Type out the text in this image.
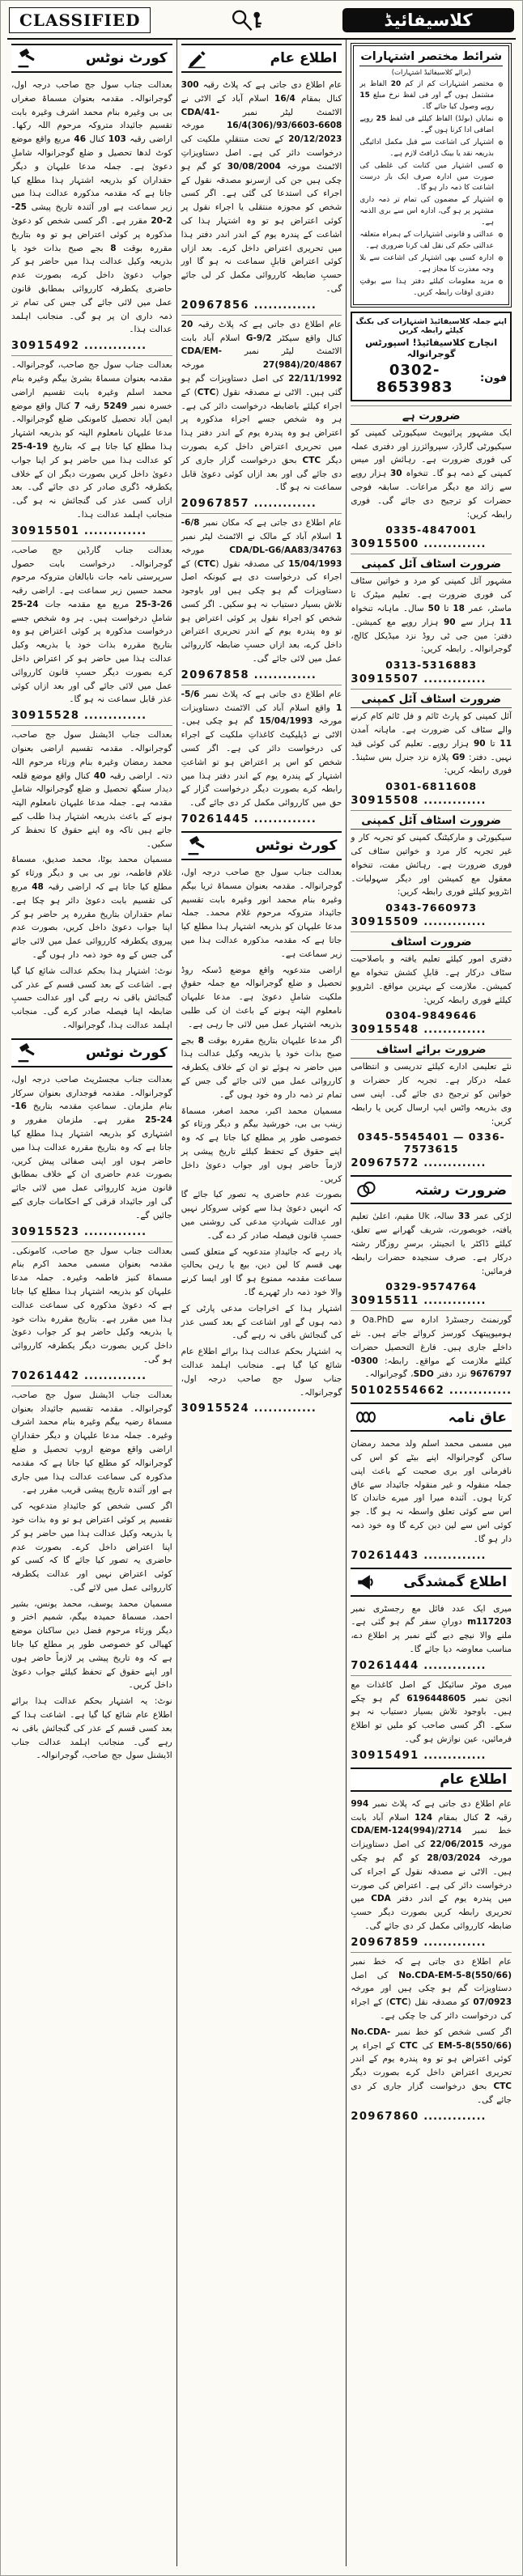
CLASSIFIED	کلاسیفائیڈ
کورٹ نوٹس

بعدالت جناب سول جج صاحب درجہ اول، گوجرانوالہ۔ مقدمہ بعنوان مسماۃ صغراں بی بی وغیرہ بنام محمد اشرف وغیرہ بابت تقسیم جائیداد متروکہ مرحوم اللہ رکھا۔ اراضی رقبہ 103 کنال 46 مربع واقع موضع کوٹ لدھا تحصیل و ضلع گوجرانوالہ شاملِ دعویٰ ہے۔ جملہ مدعا علیہان و دیگر حقداران کو بذریعہ اشتہار ہذا مطلع کیا جاتا ہے کہ مقدمہ مذکورہ عدالت ہذا میں زیر سماعت ہے اور آئندہ تاریخ پیشی 25-2-20 مقرر ہے۔ اگر کسی شخص کو دعویٰ مذکورہ پر کوئی اعتراض ہو تو وہ بتاریخ مقررہ بوقت 8 بجے صبح بذات خود یا بذریعہ وکیل عدالت ہذا میں حاضر ہو کر جواب دعویٰ داخل کرے، بصورت عدم حاضری یکطرفہ کارروائی بمطابق قانون عمل میں لائی جائے گی جس کی تمام تر ذمہ داری ان پر ہو گی۔ منجانب اہلمد عدالت ہذا۔

30915492 .....

بعدالت جناب سول جج صاحب، گوجرانوالہ۔ مقدمہ بعنوان مسماۃ بشریٰ بیگم وغیرہ بنام محمد اسلم وغیرہ بابت تقسیم اراضی خسرہ نمبر 5249 رقبہ 7 کنال واقع موضع ایمن آباد تحصیل کامونکی ضلع گوجرانوالہ۔ مدعا علیہان نامعلوم الپتہ کو بذریعہ اشتہار ہذا مطلع کیا جاتا ہے کہ بتاریخ 19-4-25 کو عدالت ہذا میں حاضر ہو کر اپنا جواب دعویٰ داخل کریں بصورت دیگر ان کے خلاف یکطرفہ ڈگری صادر کر دی جائے گی۔ بعد ازاں کسی عذر کی گنجائش نہ ہو گی۔ منجانب اہلمد عدالت ہذا۔

30915501 .....

بعدالت جناب گارڈین جج صاحب، گوجرانوالہ۔ درخواست بابت حصول سرپرستی نامہ جات نابالغان متروکہ مرحوم محمد حسین زیر سماعت ہے۔ اراضی رقبہ 26-3-25 مربع مع مقدمہ جات 24-25 شاملِ درخواست ہیں۔ ہر وہ شخص جسے درخواست مذکورہ پر کوئی اعتراض ہو وہ بتاریخ مقررہ بذات خود یا بذریعہ وکیل عدالت ہذا میں حاضر ہو کر اعتراض داخل کرے بصورت دیگر حسبِ قانون کارروائی عمل میں لائی جائے گی اور بعد ازاں کوئی عذر قابل سماعت نہ ہو گا۔

30915528 .....

بعدالت جناب اڈیشنل سول جج صاحب، گوجرانوالہ۔ مقدمہ تقسیم اراضی بعنوان محمد رمضان وغیرہ بنام ورثاء مرحوم اللہ دتہ۔ اراضی رقبہ 40 کنال واقع موضع قلعہ دیدار سنگھ تحصیل و ضلع گوجرانوالہ شاملِ مقدمہ ہے۔ جملہ مدعا علیہان نامعلوم الپتہ ہونے کے باعث بذریعہ اشتہار ہذا طلب کیے جاتے ہیں تاکہ وہ اپنے حقوق کا تحفظ کر سکیں۔

مسمیان محمد بوٹا، محمد صدیق، مسماۃ غلام فاطمہ، نور بی بی و دیگر ورثاء کو مطلع کیا جاتا ہے کہ اراضی رقبہ 48 مربع کی تقسیم بابت دعویٰ دائر ہو چکا ہے۔ تمام حقداران بتاریخ مقررہ پر حاضر ہو کر اپنا جواب دعویٰ داخل کریں، بصورت عدم پیروی یکطرفہ کارروائی عمل میں لائی جائے گی جس کے وہ خود ذمہ دار ہوں گے۔

نوٹ: اشتہار ہذا بحکم عدالت شائع کیا گیا ہے۔ اشاعت کے بعد کسی قسم کے عذر کی گنجائش باقی نہ رہے گی اور عدالت حسبِ ضابطہ اپنا فیصلہ صادر کرے گی۔ منجانب اہلمد عدالت ہذا، گوجرانوالہ۔

کورٹ نوٹس

بعدالت جناب مجسٹریٹ صاحب درجہ اول، گوجرانوالہ۔ مقدمہ فوجداری بعنوان سرکار بنام ملزمان۔ سماعتِ مقدمہ بتاریخ 16-24-25 مقرر ہے۔ ملزمان مفرور و اشتہاری کو بذریعہ اشتہار ہذا مطلع کیا جاتا ہے کہ وہ بتاریخ مقررہ عدالت ہذا میں حاضر ہوں اور اپنی صفائی پیش کریں، بصورت عدم حاضری ان کے خلاف بمطابق قانون مزید کارروائی عمل میں لائی جائے گی اور جائیداد قرقی کے احکامات جاری کیے جائیں گے۔

30915523 .....

بعدالت جناب سول جج صاحب، کامونکی۔ مقدمہ بعنوان مسمی محمد اکرم بنام مسماۃ کنیز فاطمہ وغیرہ۔ جملہ مدعا علیہان کو بذریعہ اشتہار ہذا مطلع کیا جاتا ہے کہ دعویٰ مذکورہ کی سماعت عدالت ہذا میں مقرر ہے۔ بتاریخ مقررہ بذات خود یا بذریعہ وکیل حاضر ہو کر جواب دعویٰ داخل کریں بصورت دیگر یکطرفہ کارروائی ہو گی۔

70261442 .....

بعدالت جناب اڈیشنل سول جج صاحب، گوجرانوالہ۔ مقدمہ تقسیم جائیداد بعنوان مسماۃ رضیہ بیگم وغیرہ بنام محمد اشرف وغیرہ۔ جملہ مدعا علیہان و دیگر حقدارانِ اراضی واقع موضع اروپ تحصیل و ضلع گوجرانوالہ کو مطلع کیا جاتا ہے کہ مقدمہ مذکورہ کی سماعت عدالت ہذا میں جاری ہے اور آئندہ تاریخ پیشی قریب مقرر ہے۔

اگر کسی شخص کو جائیدادِ متدعویہ کی تقسیم پر کوئی اعتراض ہو تو وہ بذات خود یا بذریعہ وکیل عدالت ہذا میں حاضر ہو کر اپنا اعتراض داخل کرے۔ بصورت عدم حاضری یہ تصور کیا جائے گا کہ کسی کو کوئی اعتراض نہیں اور عدالت یکطرفہ کارروائی عمل میں لائے گی۔

مسمیان محمد یوسف، محمد یونس، بشیر احمد، مسماۃ حمیدہ بیگم، شمیم اختر و دیگر ورثاء مرحوم فضل دین ساکنان موضع کھیالی کو خصوصی طور پر مطلع کیا جاتا ہے کہ وہ تاریخ پیشی پر لازماً حاضر ہوں اور اپنے حقوق کے تحفظ کیلئے جواب دعویٰ داخل کریں۔

نوٹ: یہ اشتہار بحکم عدالت ہذا برائے اطلاع عام شائع کیا گیا ہے۔ اشاعت ہذا کے بعد کسی قسم کے عذر کی گنجائش باقی نہ رہے گی۔ منجانب اہلمد عدالت جناب اڈیشنل سول جج صاحب، گوجرانوالہ۔

اطلاع عام

عام اطلاع دی جاتی ہے کہ پلاٹ رقبہ 300 کنال بمقام 16/4 اسلام آباد کے الاٹی نے الاٹمنٹ لیٹر نمبر CDA/41-16/4(306)/93/6603-6608 مورخہ 20/12/2023 کے تحت منتقلیِ ملکیت کی درخواست دائر کی ہے۔ اصل دستاویزاتِ الاٹمنٹ مورخہ 30/08/2004 کو گم ہو چکی ہیں جن کی ازسرنو مصدقہ نقول کے اجراء کی استدعا کی گئی ہے۔ اگر کسی شخص کو مجوزہ منتقلی یا اجراء نقول پر کوئی اعتراض ہو تو وہ اشتہار ہذا کی اشاعت کے پندرہ یوم کے اندر اندر دفتر ہذا میں تحریری اعتراض داخل کرے۔ بعد ازاں کوئی اعتراض قابلِ سماعت نہ ہو گا اور حسبِ ضابطہ کارروائی مکمل کر لی جائے گی۔

20967856 .....

عام اطلاع دی جاتی ہے کہ پلاٹ رقبہ 20 کنال واقع سیکٹر G-9/2 اسلام آباد بابت الاٹمنٹ لیٹر نمبر CDA/EM-27(984)/20/4867 مورخہ 22/11/1992 کی اصل دستاویزات گم ہو گئی ہیں۔ الاٹی نے مصدقہ نقول (CTC) کے اجراء کیلئے باضابطہ درخواست دائر کی ہے۔ ہر وہ شخص جسے اجراء مذکورہ پر اعتراض ہو وہ پندرہ یوم کے اندر دفتر ہذا میں تحریری اعتراض داخل کرے بصورت دیگر CTC بحق درخواست گزار جاری کر دی جائے گی اور بعد ازاں کوئی دعویٰ قابل سماعت نہ ہو گا۔

20967857 .....

عام اطلاع دی جاتی ہے کہ مکان نمبر 6/8-1 اسلام آباد کے مالک نے الاٹمنٹ لیٹر نمبر CDA/DL-G6/AA83/34763 مورخہ 15/04/1993 کی مصدقہ نقول (CTC) کے اجراء کی درخواست دی ہے کیونکہ اصل دستاویزات گم ہو چکی ہیں اور باوجود تلاش بسیار دستیاب نہ ہو سکیں۔ اگر کسی شخص کو اجراء نقول پر کوئی اعتراض ہو تو وہ پندرہ یوم کے اندر تحریری اعتراض داخل کرے، بعد ازاں حسبِ ضابطہ کارروائی عمل میں لائی جائے گی۔

20967858 .....

عام اطلاع دی جاتی ہے کہ پلاٹ نمبر 5/6-1 واقع اسلام آباد کی الاٹمنٹ دستاویزات مورخہ 15/04/1993 گم ہو چکی ہیں۔ الاٹی نے ڈپلیکیٹ کاغذاتِ ملکیت کے اجراء کی درخواست دائر کی ہے۔ اگر کسی شخص کو اس پر اعتراض ہو تو اشاعتِ اشتہار کے پندرہ یوم کے اندر دفتر ہذا میں رابطہ کرے بصورت دیگر درخواست گزار کے حق میں کارروائی مکمل کر دی جائے گی۔

70261445 .....
کورٹ نوٹس

بعدالت جناب سول جج صاحب درجہ اول، گوجرانوالہ۔ مقدمہ بعنوان مسماۃ ثریا بیگم وغیرہ بنام محمد انور وغیرہ بابت تقسیم جائیداد متروکہ مرحوم غلام محمد۔ جملہ مدعا علیہان کو بذریعہ اشتہار ہذا مطلع کیا جاتا ہے کہ مقدمہ مذکورہ عدالت ہذا میں زیر سماعت ہے۔

اراضی متدعویہ واقع موضع ڈسکہ روڈ تحصیل و ضلع گوجرانوالہ مع جملہ حقوقِ ملکیت شاملِ دعویٰ ہے۔ مدعا علیہان نامعلوم الپتہ ہونے کے باعث ان کی طلبی بذریعہ اشتہار عمل میں لائی جا رہی ہے۔

اگر مدعا علیہان بتاریخ مقررہ بوقت 8 بجے صبح بذات خود یا بذریعہ وکیل عدالت ہذا میں حاضر نہ ہوئے تو ان کے خلاف یکطرفہ کارروائی عمل میں لائی جائے گی جس کے تمام تر ذمہ دار وہ خود ہوں گے۔

مسمیان محمد اکبر، محمد اصغر، مسماۃ زینب بی بی، خورشید بیگم و دیگر ورثاء کو خصوصی طور پر مطلع کیا جاتا ہے کہ وہ اپنے حقوق کے تحفظ کیلئے تاریخ پیشی پر لازماً حاضر ہوں اور جواب دعویٰ داخل کریں۔

بصورت عدم حاضری یہ تصور کیا جائے گا کہ انہیں دعویٰ ہذا سے کوئی سروکار نہیں اور عدالت شہادتِ مدعی کی روشنی میں حسبِ قانون فیصلہ صادر کر دے گی۔

یاد رہے کہ جائیدادِ متدعویہ کے متعلق کسی بھی قسم کا لین دین، بیع یا رہن بحالتِ سماعت مقدمہ ممنوع ہو گا اور ایسا کرنے والا خود ذمہ دار ٹھہرے گا۔

اشتہار ہذا کے اخراجات مدعی پارٹی کے ذمہ ہوں گے اور اشاعت کے بعد کسی عذر کی گنجائش باقی نہ رہے گی۔

یہ اشتہار بحکم عدالت ہذا برائے اطلاع عام شائع کیا گیا ہے۔ منجانب اہلمد عدالت جناب سول جج صاحب درجہ اول، گوجرانوالہ۔

30915524 .....
شرائط مختصر اشتہارات
(برائے کلاسیفائیڈ اشتہارات)
۞ مختصر اشتہارات کم از کم 20 الفاظ پر مشتمل ہوں گے اور فی لفظ نرخ مبلغ 15 روپے وصول کیا جائے گا۔
۞ نمایاں (بولڈ) الفاظ کیلئے فی لفظ 25 روپے اضافی ادا کرنا ہوں گے۔
۞ اشتہار کی اشاعت سے قبل مکمل ادائیگی بذریعہ نقد یا بینک ڈرافٹ لازم ہے۔
۞ کسی اشتہار میں کتابت کی غلطی کی صورت میں ادارہ صرف ایک بار درست اشاعت کا ذمہ دار ہو گا۔
۞ اشتہار کے مضمون کی تمام تر ذمہ داری مشتہر پر ہو گی، ادارہ اس سے بری الذمہ ہے۔
۞ عدالتی و قانونی اشتہارات کے ہمراہ متعلقہ عدالتی حکم کی نقل لف کرنا ضروری ہے۔
۞ ادارہ کسی بھی اشتہار کی اشاعت سے بلا وجہ معذرت کا مجاز ہے۔
۞ مزید معلومات کیلئے دفتر ہذا سے بوقتِ دفتری اوقات رابطہ کریں۔
اپنے جملہ کلاسیفائیڈ اشتہارات کی بکنگ کیلئے رابطہ کریں
انچارج کلاسیفائیڈ! اسپورٹس گوجرانوالہ
فون:
0302-8653983
ضرورت ہے

ایک مشہور پرائیویٹ سیکیورٹی کمپنی کو سیکیورٹی گارڈز، سپروائزرز اور دفتری عملہ کی فوری ضرورت ہے۔ رہائش اور میس کمپنی کے ذمہ ہو گا۔ تنخواہ 30 ہزار روپے سے زائد مع دیگر مراعات۔ سابقہ فوجی حضرات کو ترجیح دی جائے گی۔ فوری رابطہ کریں:

0335-4847001
30915500 .....
ضرورت اسٹاف آئل کمپنی

مشہور آئل کمپنی کو مرد و خواتین سٹاف کی فوری ضرورت ہے۔ تعلیم میٹرک تا ماسٹر، عمر 18 تا 50 سال۔ ماہانہ تنخواہ 11 ہزار سے 90 ہزار روپے مع کمیشن۔ دفتر: مین جی ٹی روڈ نزد میڈیکل کالج، گوجرانوالہ۔ رابطہ کریں:

0313-5316883
30915507 .....
ضرورت اسٹاف آئل کمپنی

آئل کمپنی کو پارٹ ٹائم و فل ٹائم کام کرنے والے سٹاف کی ضرورت ہے۔ ماہانہ آمدن 11 تا 90 ہزار روپے۔ تعلیم کی کوئی قید نہیں۔ دفتر: G9 پلازہ نزد جنرل بس سٹینڈ۔ فوری رابطہ کریں:

0301-6811608
30915508 .....
ضرورت اسٹاف آئل کمپنی

سیکیورٹی و مارکیٹنگ کمپنی کو تجربہ کار و غیر تجربہ کار مرد و خواتین سٹاف کی فوری ضرورت ہے۔ رہائش مفت، تنخواہ معقول مع کمیشن اور دیگر سہولیات۔ انٹرویو کیلئے فوری رابطہ کریں:

0343-7660973
30915509 .....
ضرورت اسٹاف

دفتری امور کیلئے تعلیم یافتہ و باصلاحیت سٹاف درکار ہے۔ قابلِ کشش تنخواہ مع کمیشن۔ ملازمت کے بہترین مواقع۔ انٹرویو کیلئے فوری رابطہ کریں:

0304-9849646
30915548 .....
ضرورت برائے اسٹاف

نئے تعلیمی ادارے کیلئے تدریسی و انتظامی عملہ درکار ہے۔ تجربہ کار حضرات و خواتین کو ترجیح دی جائے گی۔ اپنی سی وی بذریعہ واٹس ایپ ارسال کریں یا رابطہ کریں:

0345-5545401 — 0336-7573615
20967572 .....
ضرورت رشتہ

لڑکی عمر 33 سالہ، Uk مقیم، اعلیٰ تعلیم یافتہ، خوبصورت، شریف گھرانے سے تعلق، کیلئے ڈاکٹر یا انجینئر، برسرِ روزگار رشتہ درکار ہے۔ صرف سنجیدہ حضرات رابطہ فرمائیں:

0329-9574764
30915511 .....

گورنمنٹ رجسٹرڈ ادارہ سے Oa.PhD و ہومیوپیتھک کورسز کروائے جاتے ہیں۔ نئے داخلے جاری ہیں۔ فارغ التحصیل حضرات کیلئے ملازمت کے مواقع۔ رابطہ: 0300-9676797 نزد دفتر SDO، گوجرانوالہ۔

50102554662 .....
عاق نامہ

میں مسمی محمد اسلم ولد محمد رمضان ساکن گوجرانوالہ اپنے بیٹے کو اس کی نافرمانی اور بری صحبت کے باعث اپنی جملہ منقولہ و غیر منقولہ جائیداد سے عاق کرتا ہوں۔ آئندہ میرا اور میرے خاندان کا اس سے کوئی تعلق واسطہ نہ ہو گا۔ جو کوئی اس سے لین دین کرے گا وہ خود ذمہ دار ہو گا۔

70261443 .....
اطلاع گمشدگی

میری ایک عدد فائل مع رجسٹری نمبر m117203 دورانِ سفر گم ہو گئی ہے۔ ملنے والا نیچے دیے گئے نمبر پر اطلاع دے، مناسب معاوضہ دیا جائے گا۔

70261444 .....

میری موٹر سائیکل کے اصل کاغذات مع انجن نمبر 6196448605 گم ہو چکے ہیں۔ باوجود تلاش بسیار دستیاب نہ ہو سکے۔ اگر کسی صاحب کو ملیں تو اطلاع فرمائیں، عین نوازش ہو گی۔

30915491 .....
اطلاع عام

عام اطلاع دی جاتی ہے کہ پلاٹ نمبر 994 رقبہ 2 کنال بمقام 124 اسلام آباد بابت خط نمبر CDA/EM-124(994)/2714 مورخہ 22/06/2015 کی اصل دستاویزات مورخہ 28/03/2024 کو گم ہو چکی ہیں۔ الاٹی نے مصدقہ نقول کے اجراء کی درخواست دائر کی ہے۔ اعتراض کی صورت میں پندرہ یوم کے اندر دفتر CDA میں تحریری رابطہ کریں بصورت دیگر حسبِ ضابطہ کارروائی مکمل کر دی جائے گی۔

20967859 .....

عام اطلاع دی جاتی ہے کہ خط نمبر No.CDA-EM-5-8(550/66) کی اصل دستاویزات گم ہو چکی ہیں اور مورخہ 07/0923 کو مصدقہ نقل (CTC) کے اجراء کی درخواست دائر کی جا چکی ہے۔

اگر کسی شخص کو خط نمبر No.CDA-EM-5-8(550/66) کی CTC کے اجراء پر کوئی اعتراض ہو تو وہ پندرہ یوم کے اندر تحریری اعتراض داخل کرے بصورت دیگر CTC بحق درخواست گزار جاری کر دی جائے گی۔

20967860 .....
